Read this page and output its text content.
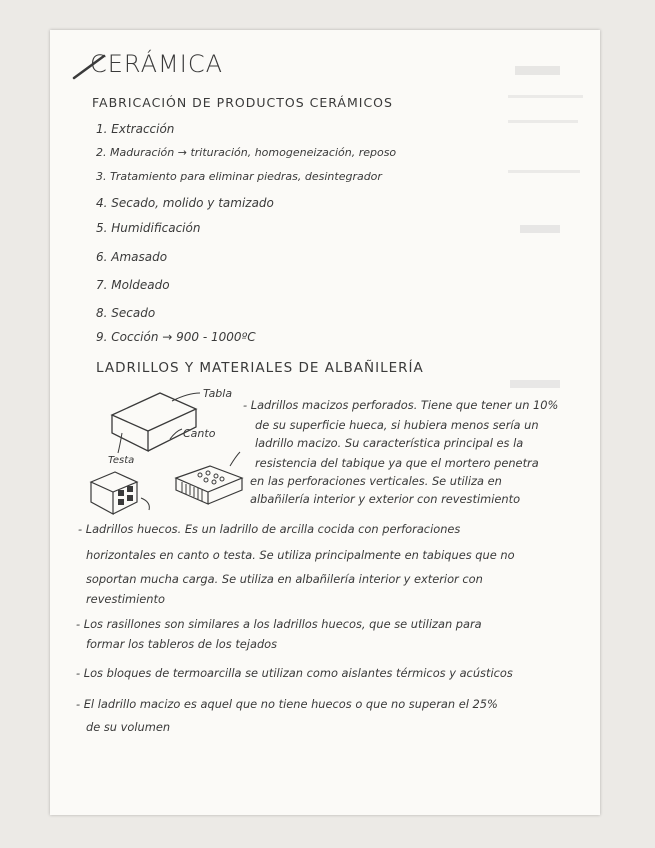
CERÁMICA
FABRICACIÓN DE PRODUCTOS CERÁMICOS
1. Extracción
2. Maduración → trituración, homogeneización, reposo
3. Tratamiento para eliminar piedras, desintegrador
4. Secado, molido y tamizado
5. Humidificación
6. Amasado
7. Moldeado
8. Secado
9. Cocción → 900 - 1000ºC
LADRILLOS Y MATERIALES DE ALBAÑILERÍA
Tabla
Canto
Testa
- Ladrillos macizos perforados. Tiene que tener un 10%
de su superficie hueca, si hubiera menos sería un
ladrillo macizo. Su característica principal es la
resistencia del tabique ya que el mortero penetra
en las perforaciones verticales. Se utiliza en
albañilería interior y exterior con revestimiento
- Ladrillos huecos. Es un ladrillo de arcilla cocida con perforaciones
horizontales en canto o testa. Se utiliza principalmente en tabiques que no
soportan mucha carga. Se utiliza en albañilería interior y exterior con
revestimiento
- Los rasillones son similares a los ladrillos huecos, que se utilizan para
formar los tableros de los tejados
- Los bloques de termoarcilla se utilizan como aislantes térmicos y acústicos
- El ladrillo macizo es aquel que no tiene huecos o que no superan el 25%
de su volumen
